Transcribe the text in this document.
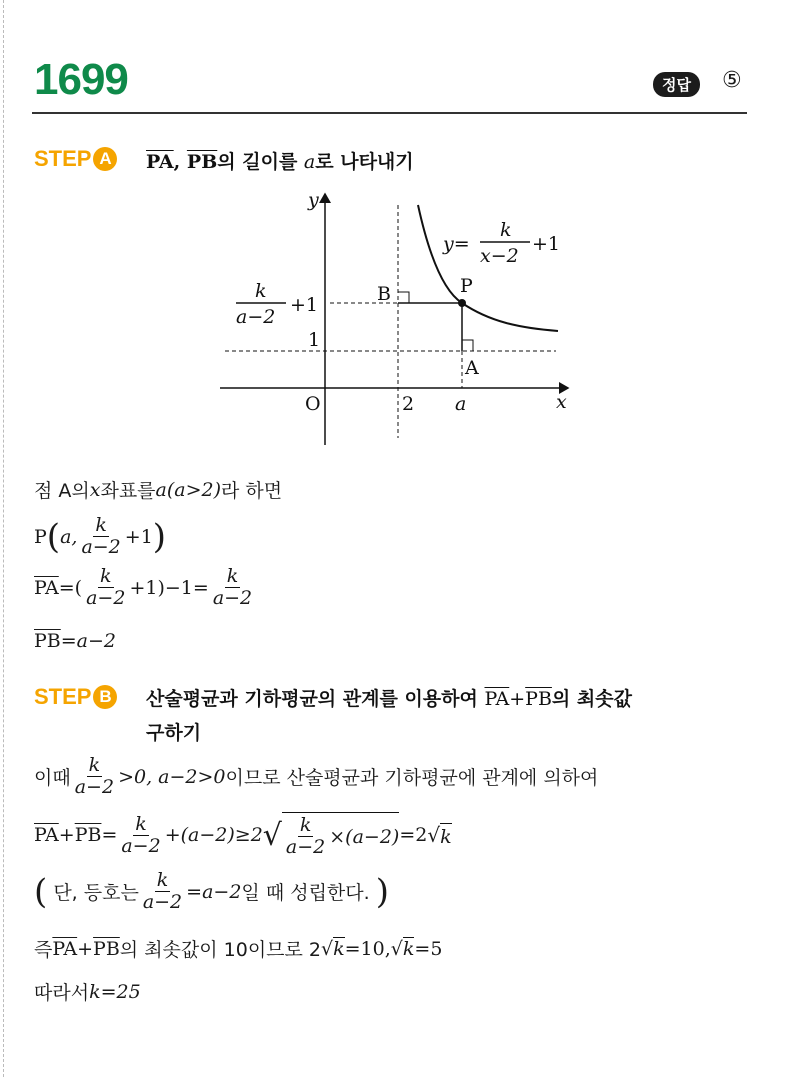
1699	정답	⑤
STEP A	$\overline{PA}$, $\overline{PB}$의 길이를 a로 나타내기
y
x
O	2 a
1
B	P
A
y=
k
x−2
+1
k
a−2
+1
점 A의 x 좌표를 a(a>2) 라 하면
P ( a, $\frac{k}{a-2} +1$ )
$\overline{PA}$ =( $\frac{k}{a-2} +1)-1= \frac{k}{a-2}$
$\overline{PB} =a-2$
STEP B	산술평균과 기하평균의 관계를 이용하여 $\overline{PA}+\overline{PB}$의 최솟값
구하기
이때 $\frac{k}{a-2} >0$, a−2>0 이므로 산술평균과 기하평균에 관계에 의하여
$\overline{PA} + \overline{PB} = \frac{k}{a-2} +(a-2)\ge 2$ √ $\frac{k}{a-2} \times(a-2) =2$ √ k
(
단, 등호는 $\frac{k}{a-2} =a-2$ 일 때 성립한다.
)
즉 $\overline{PA} + \overline{PB}$ 의 최솟값이 10이므로 2 √ k =10, √ k =5
따라서 k=25
